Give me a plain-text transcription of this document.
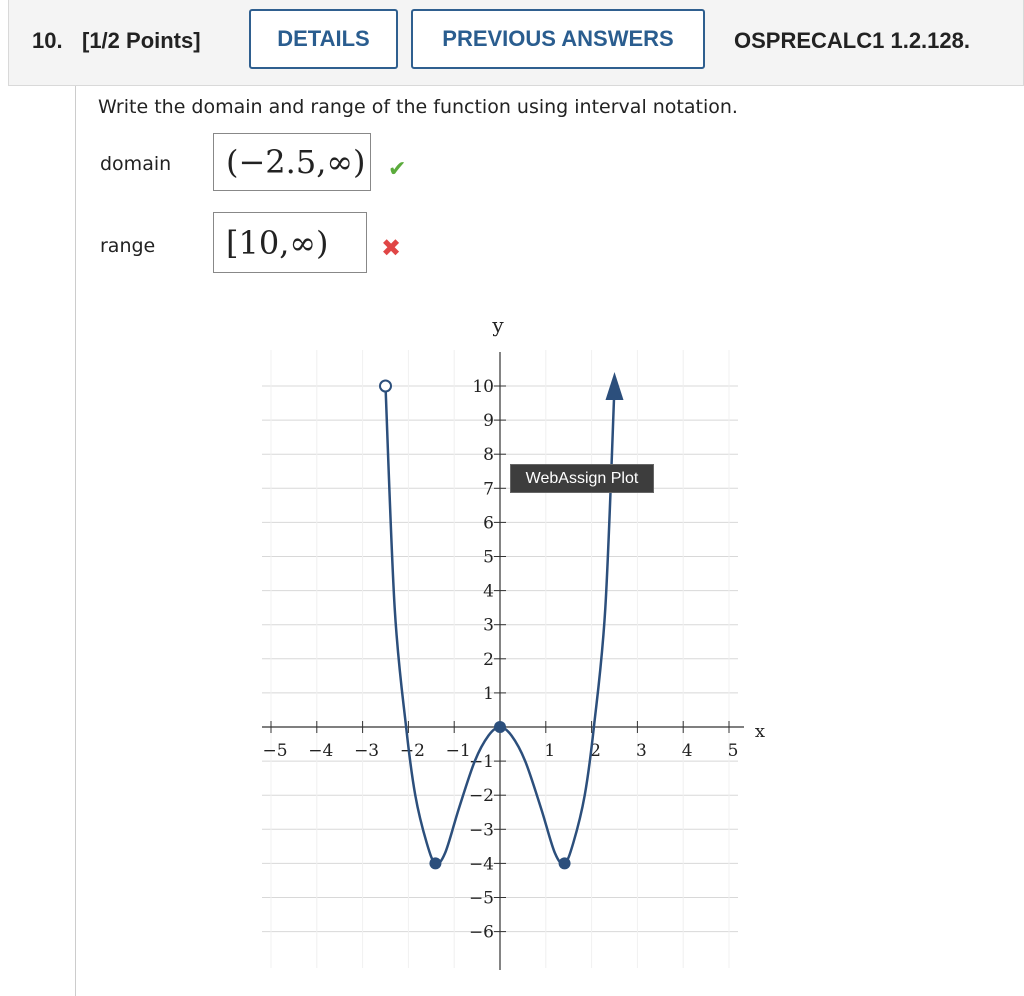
10. [1/2 Points]	DETAILS	PREVIOUS ANSWERS	OSPRECALC1 1.2.128.
Write the domain and range of the function using interval notation.
domain	(−2.5,∞) ✔
range	[10,∞)	✖
−5 −4 −3 −2 −1	1 2 3 4 5
−6
−5
−4
−3
−2
−1
1
2
3
4
5
6
7
8
9
10
x
y
WebAssign Plot
